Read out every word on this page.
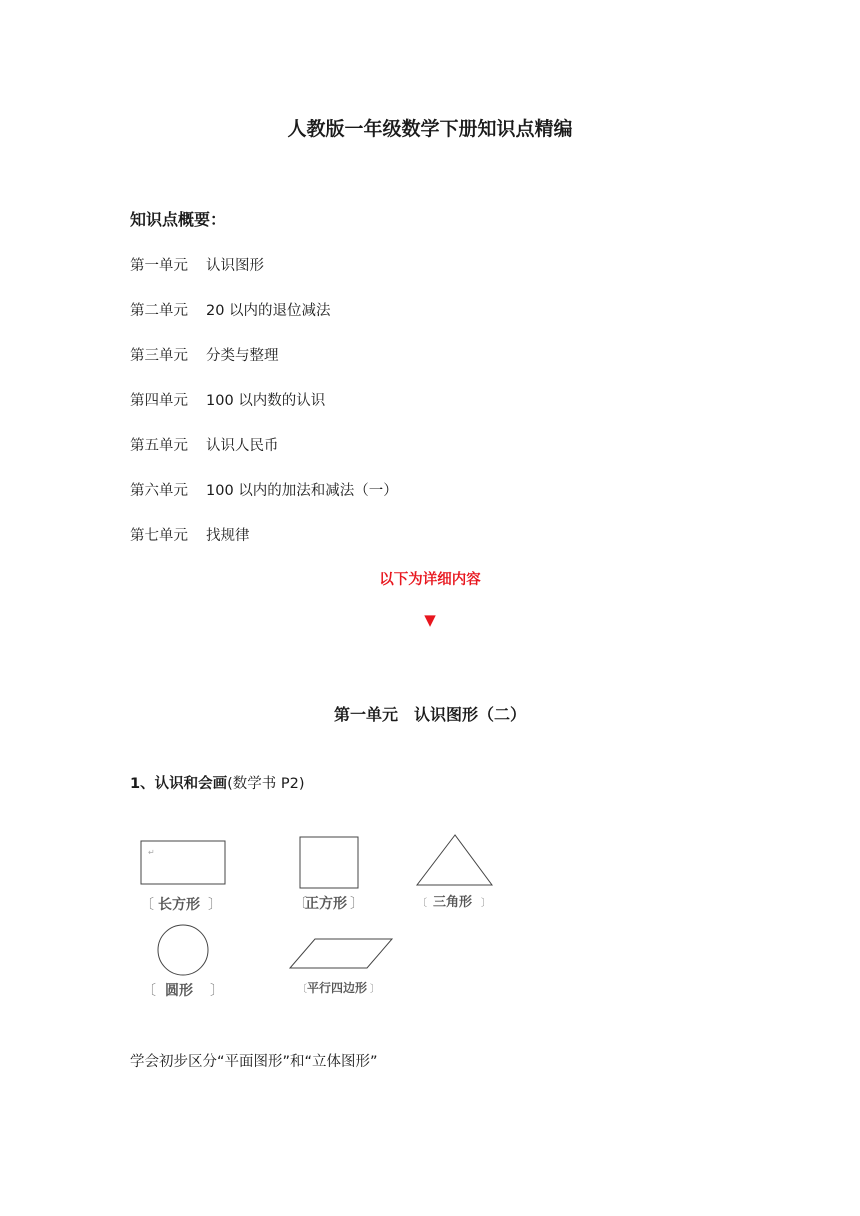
人教版一年级数学下册知识点精编
知识点概要：
第一单元 认识图形
第二单元 20 以内的退位减法
第三单元 分类与整理
第四单元 100 以内数的认识
第五单元 认识人民币
第六单元 100 以内的加法和减法（一）
第七单元 找规律
以下为详细内容
▼
第一单元　认识图形（二）
1、认识和会画(数学书 P2)
↵
〔 长方形 〕	〔
正方形 〕	〔 三角形 〕
〔 圆形 〕	〔 平行四边形 〕
学会初步区分“平面图形”和“立体图形”
